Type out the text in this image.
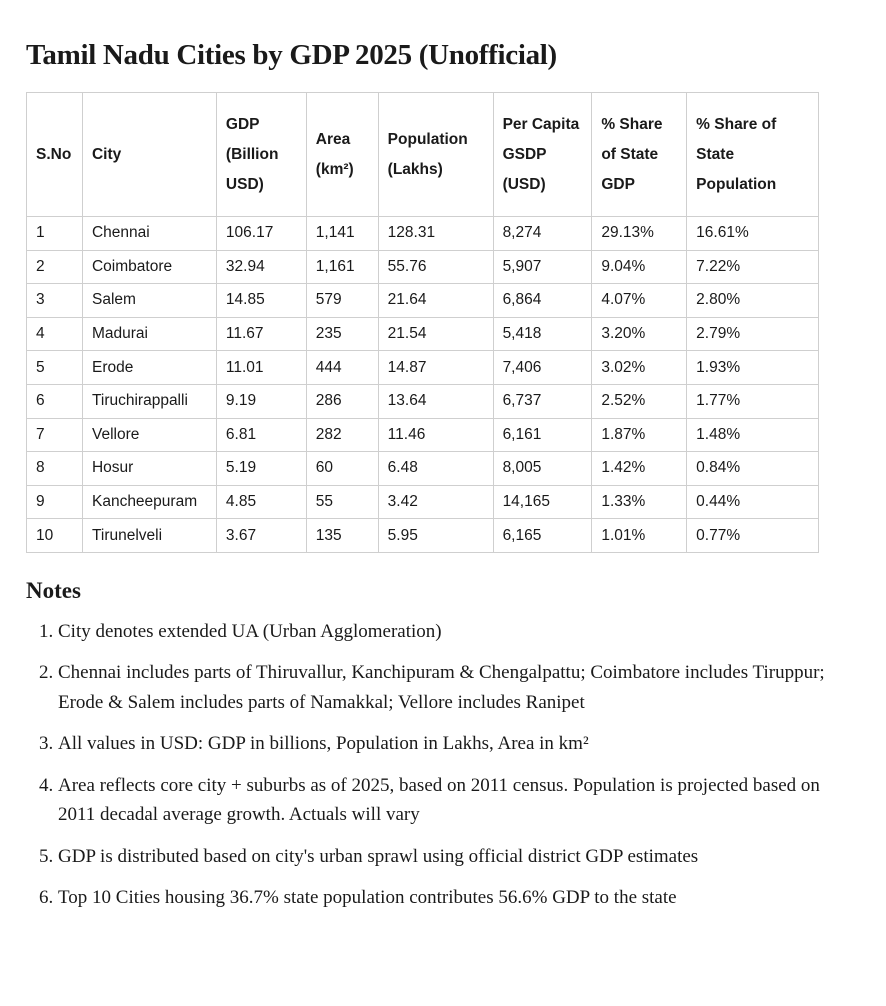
Tamil Nadu Cities by GDP 2025 (Unofficial)
S.No	City	GDP (Billion USD)	Area (km²)	Population (Lakhs)	Per Capita GSDP (USD)	% Share of State GDP	% Share of State Population
1	Chennai	106.17	1,141	128.31	8,274	29.13%	16.61%
2	Coimbatore	32.94	1,161	55.76	5,907	9.04%	7.22%
3	Salem	14.85	579	21.64	6,864	4.07%	2.80%
4	Madurai	11.67	235	21.54	5,418	3.20%	2.79%
5	Erode	11.01	444	14.87	7,406	3.02%	1.93%
6	Tiruchirappalli	9.19	286	13.64	6,737	2.52%	1.77%
7	Vellore	6.81	282	11.46	6,161	1.87%	1.48%
8	Hosur	5.19	60	6.48	8,005	1.42%	0.84%
9	Kancheepuram	4.85	55	3.42	14,165	1.33%	0.44%
10	Tirunelveli	3.67	135	5.95	6,165	1.01%	0.77%
Notes
1. City denotes extended UA (Urban Agglomeration)
2. Chennai includes parts of Thiruvallur, Kanchipuram & Chengalpattu; Coimbatore includes Tiruppur; Erode & Salem includes parts of Namakkal; Vellore includes Ranipet
3. All values in USD: GDP in billions, Population in Lakhs, Area in km²
4. Area reflects core city + suburbs as of 2025, based on 2011 census. Population is projected based on 2011 decadal average growth. Actuals will vary
5. GDP is distributed based on city's urban sprawl using official district GDP estimates
6. Top 10 Cities housing 36.7% state population contributes 56.6% GDP to the state
